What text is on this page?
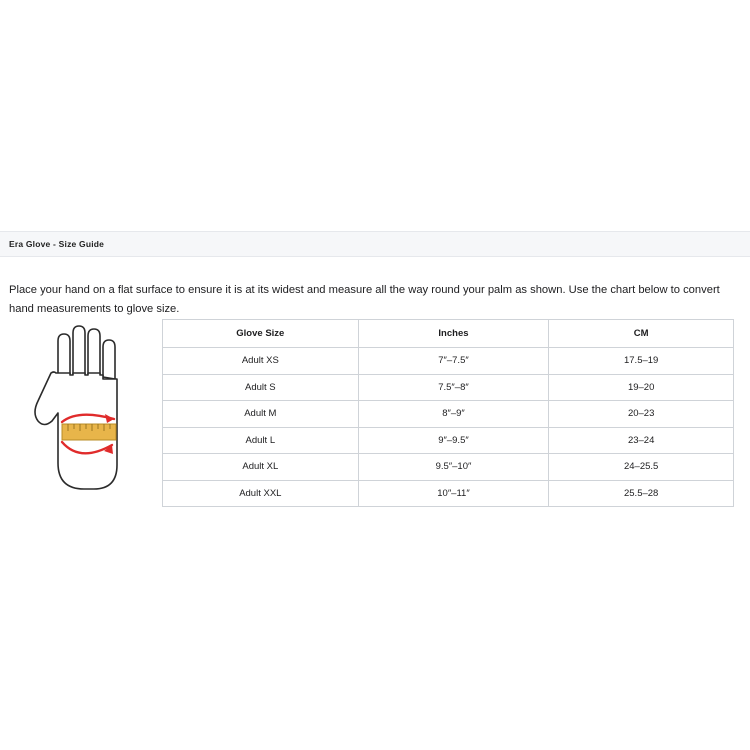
Era Glove - Size Guide

Place your hand on a flat surface to ensure it is at its widest and measure all the way round your palm as shown. Use the chart below to convert hand measurements to glove size.

Glove Size	Inches	CM
Adult XS	7″–7.5″	17.5–19
Adult S	7.5″–8″	19–20
Adult M	8″–9″	20–23
Adult L	9″–9.5″	23–24
Adult XL	9.5″–10″	24–25.5
Adult XXL	10″–11″	25.5–28
